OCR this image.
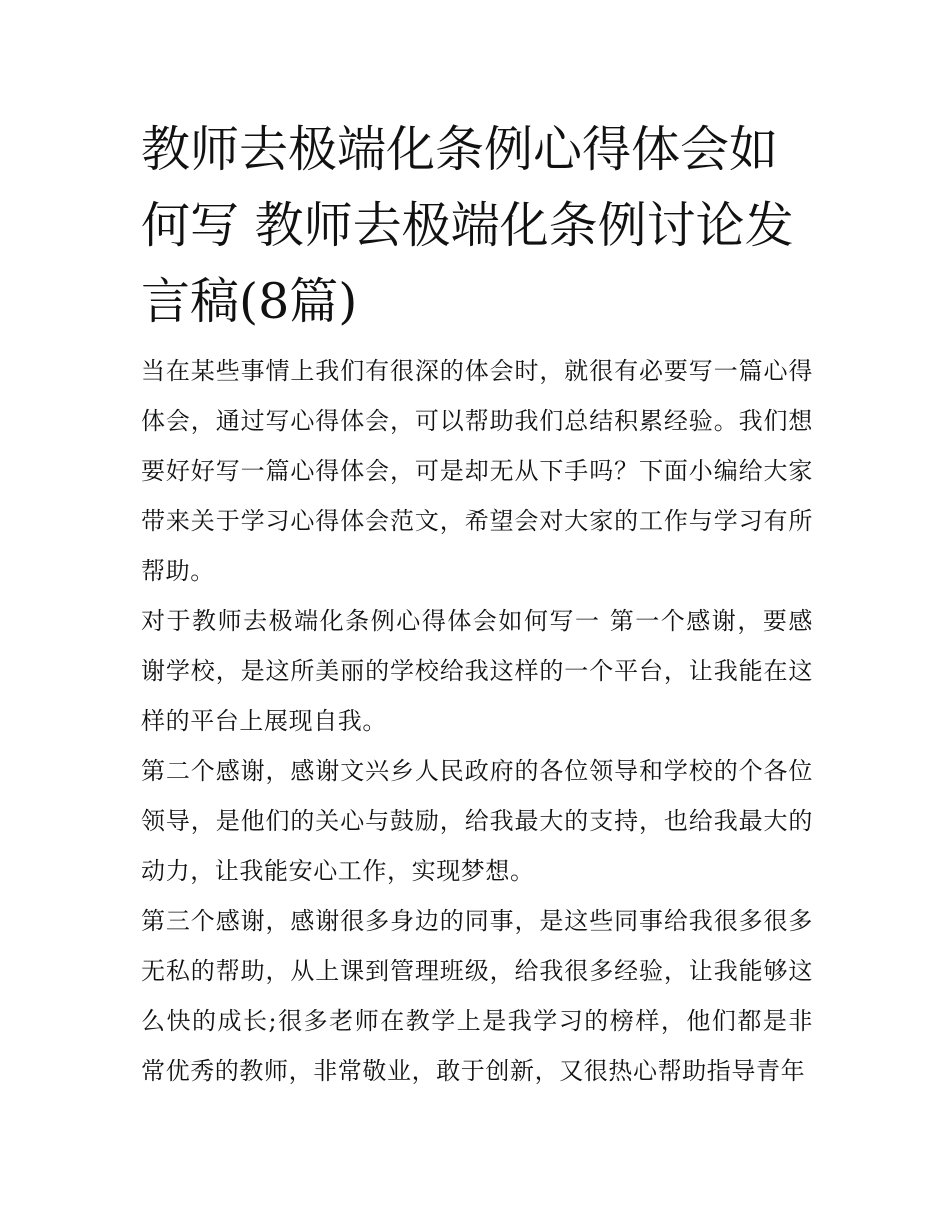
教师去极端化条例心得体会如何写 教师去极端化条例讨论发言稿(8篇)

当在某些事情上我们有很深的体会时，就很有必要写一篇心得体会，通过写心得体会，可以帮助我们总结积累经验。我们想要好好写一篇心得体会，可是却无从下手吗？下面小编给大家带来关于学习心得体会范文，希望会对大家的工作与学习有所帮助。

对于教师去极端化条例心得体会如何写一 第一个感谢，要感谢学校，是这所美丽的学校给我这样的一个平台，让我能在这样的平台上展现自我。

第二个感谢，感谢文兴乡人民政府的各位领导和学校的个各位领导，是他们的关心与鼓励，给我最大的支持，也给我最大的动力，让我能安心工作，实现梦想。

第三个感谢，感谢很多身边的同事，是这些同事给我很多很多无私的帮助，从上课到管理班级，给我很多经验，让我能够这么快的成长;很多老师在教学上是我学习的榜样，他们都是非常优秀的教师，非常敬业，敢于创新，又很热心帮助指导青年
